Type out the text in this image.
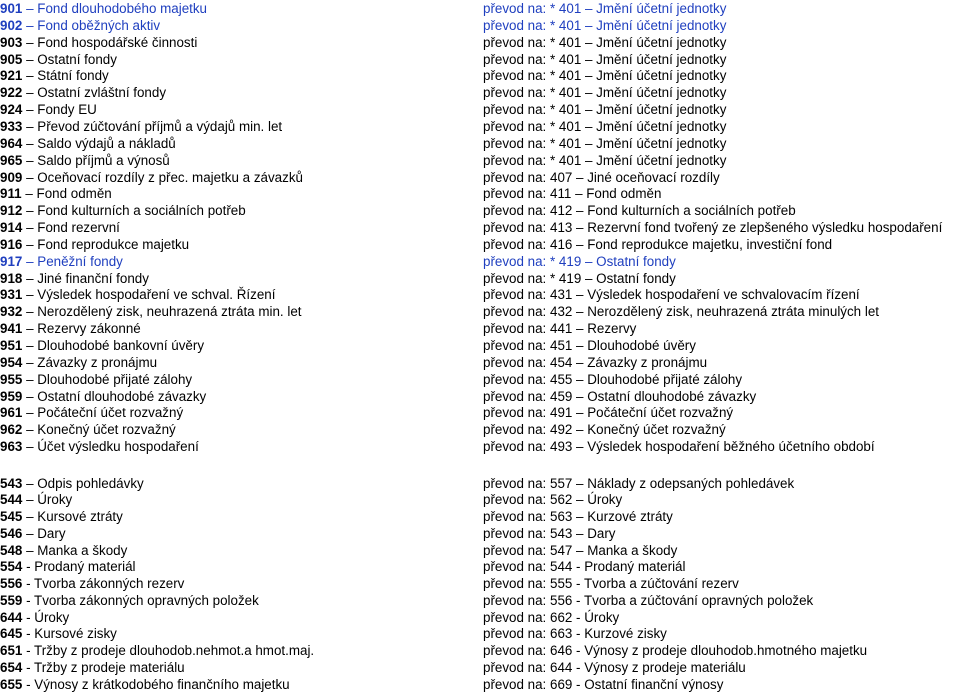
901 – Fond dlouhodobého majetku	převod na: * 401 – Jmění účetní jednotky
902 – Fond oběžných aktiv	převod na: * 401 – Jmění účetní jednotky
903 – Fond hospodářské činnosti	převod na: * 401 – Jmění účetní jednotky
905 – Ostatní fondy	převod na: * 401 – Jmění účetní jednotky
921 – Státní fondy	převod na: * 401 – Jmění účetní jednotky
922 – Ostatní zvláštní fondy	převod na: * 401 – Jmění účetní jednotky
924 – Fondy EU	převod na: * 401 – Jmění účetní jednotky
933 – Převod zúčtování příjmů a výdajů min. let	převod na: * 401 – Jmění účetní jednotky
964 – Saldo výdajů a nákladů	převod na: * 401 – Jmění účetní jednotky
965 – Saldo příjmů a výnosů	převod na: * 401 – Jmění účetní jednotky
909 – Oceňovací rozdíly z přec. majetku a závazků	převod na: 407 – Jiné oceňovací rozdíly
911 – Fond odměn	převod na: 411 – Fond odměn
912 – Fond kulturních a sociálních potřeb	převod na: 412 – Fond kulturních a sociálních potřeb
914 – Fond rezervní	převod na: 413 – Rezervní fond tvořený ze zlepšeného výsledku hospodaření
916 – Fond reprodukce majetku	převod na: 416 – Fond reprodukce majetku, investiční fond
917 – Peněžní fondy	převod na: * 419 – Ostatní fondy
918 – Jiné finanční fondy	převod na: * 419 – Ostatní fondy
931 – Výsledek hospodaření ve schval. Řízení	převod na: 431 – Výsledek hospodaření ve schvalovacím řízení
932 – Nerozdělený zisk, neuhrazená ztráta min. let	převod na: 432 – Nerozdělený zisk, neuhrazená ztráta minulých let
941 – Rezervy zákonné	převod na: 441 – Rezervy
951 – Dlouhodobé bankovní úvěry	převod na: 451 – Dlouhodobé úvěry
954 – Závazky z pronájmu	převod na: 454 – Závazky z pronájmu
955 – Dlouhodobé přijaté zálohy	převod na: 455 – Dlouhodobé přijaté zálohy
959 – Ostatní dlouhodobé závazky	převod na: 459 – Ostatní dlouhodobé závazky
961 – Počáteční účet rozvažný	převod na: 491 – Počáteční účet rozvažný
962 – Konečný účet rozvažný	převod na: 492 – Konečný účet rozvažný
963 – Účet výsledku hospodaření	převod na: 493 – Výsledek hospodaření běžného účetního období
543 – Odpis pohledávky	převod na: 557 – Náklady z odepsaných pohledávek
544 – Úroky	převod na: 562 – Úroky
545 – Kursové ztráty	převod na: 563 – Kurzové ztráty
546 – Dary	převod na: 543 – Dary
548 – Manka a škody	převod na: 547 – Manka a škody
554 - Prodaný materiál	převod na: 544 - Prodaný materiál
556 - Tvorba zákonných rezerv	převod na: 555 - Tvorba a zúčtování rezerv
559 - Tvorba zákonných opravných položek	převod na: 556 - Tvorba a zúčtování opravných položek
644 - Úroky	převod na: 662 - Úroky
645 - Kursové zisky	převod na: 663 - Kurzové zisky
651 - Tržby z prodeje dlouhodob.nehmot.a hmot.maj.	převod na: 646 - Výnosy z prodeje dlouhodob.hmotného majetku
654 - Tržby z prodeje materiálu	převod na: 644 - Výnosy z prodeje materiálu
655 - Výnosy z krátkodobého finančního majetku	převod na: 669 - Ostatní finanční výnosy
